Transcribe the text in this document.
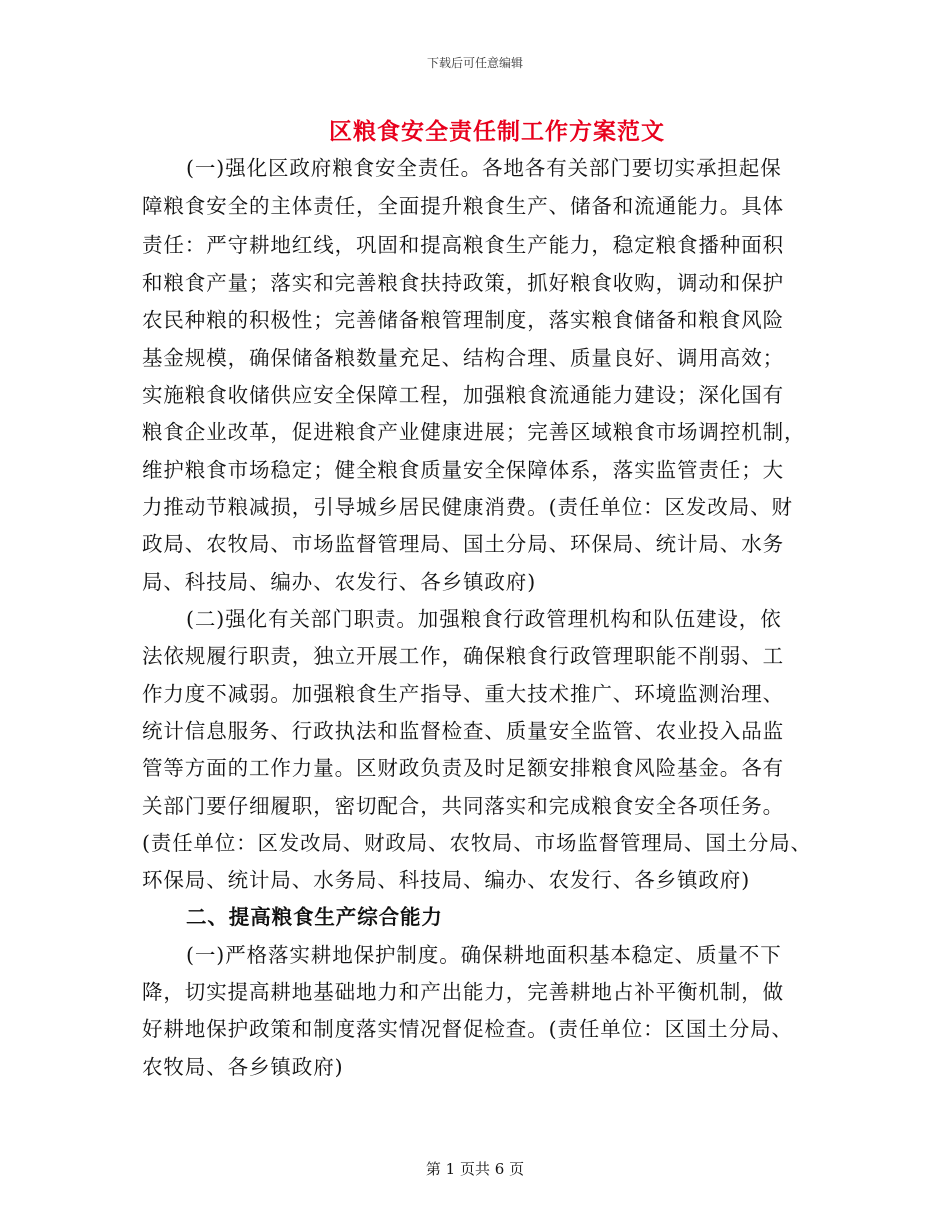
下载后可任意编辑
区粮食安全责任制工作方案范文
(一)强化区政府粮食安全责任。各地各有关部门要切实承担起保
障粮食安全的主体责任，全面提升粮食生产、储备和流通能力。具体
责任：严守耕地红线，巩固和提高粮食生产能力，稳定粮食播种面积
和粮食产量；落实和完善粮食扶持政策，抓好粮食收购，调动和保护
农民种粮的积极性；完善储备粮管理制度，落实粮食储备和粮食风险
基金规模，确保储备粮数量充足、结构合理、质量良好、调用高效；
实施粮食收储供应安全保障工程，加强粮食流通能力建设；深化国有
粮食企业改革，促进粮食产业健康进展；完善区域粮食市场调控机制，
维护粮食市场稳定；健全粮食质量安全保障体系，落实监管责任；大
力推动节粮减损，引导城乡居民健康消费。(责任单位：区发改局、财
政局、农牧局、市场监督管理局、国土分局、环保局、统计局、水务
局、科技局、编办、农发行、各乡镇政府)
(二)强化有关部门职责。加强粮食行政管理机构和队伍建设，依
法依规履行职责，独立开展工作，确保粮食行政管理职能不削弱、工
作力度不减弱。加强粮食生产指导、重大技术推广、环境监测治理、
统计信息服务、行政执法和监督检查、质量安全监管、农业投入品监
管等方面的工作力量。区财政负责及时足额安排粮食风险基金。各有
关部门要仔细履职，密切配合，共同落实和完成粮食安全各项任务。
(责任单位：区发改局、财政局、农牧局、市场监督管理局、国土分局、
环保局、统计局、水务局、科技局、编办、农发行、各乡镇政府)
二、提高粮食生产综合能力
(一)严格落实耕地保护制度。确保耕地面积基本稳定、质量不下
降，切实提高耕地基础地力和产出能力，完善耕地占补平衡机制，做
好耕地保护政策和制度落实情况督促检查。(责任单位：区国土分局、
农牧局、各乡镇政府)
第 1 页共 6 页
